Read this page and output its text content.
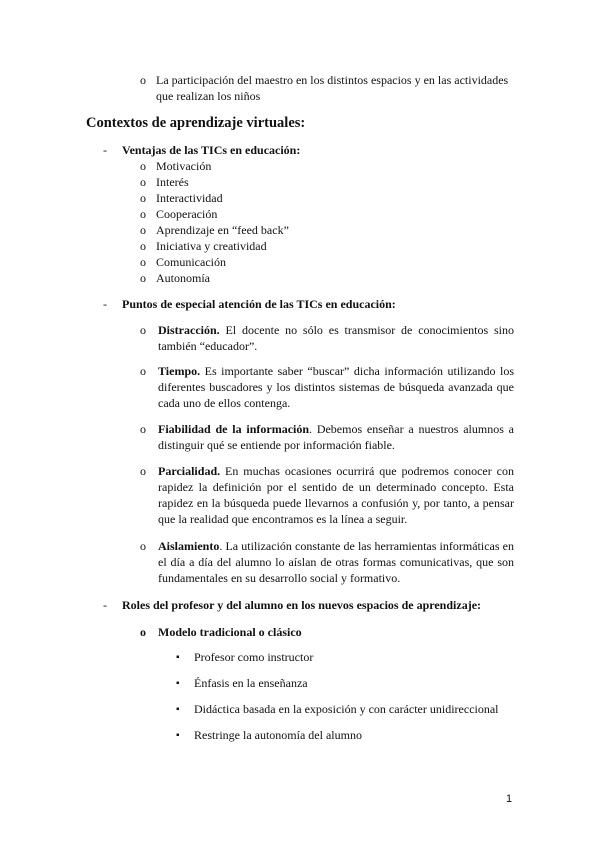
o La participación del maestro en los distintos espacios y en las actividades que realizan los niños
Contextos de aprendizaje virtuales:
- Ventajas de las TICs en educación:
o Motivación
o Interés
o Interactividad
o Cooperación
o Aprendizaje en “feed back”
o Iniciativa y creatividad
o Comunicación
o Autonomía
- Puntos de especial atención de las TICs en educación:
o	Distracción. El docente no sólo es transmisor de conocimientos sino también “educador”.
o	Tiempo. Es importante saber “buscar” dicha información utilizando los diferentes buscadores y los distintos sistemas de búsqueda avanzada que cada uno de ellos contenga.
o	Fiabilidad de la información. Debemos enseñar a nuestros alumnos a distinguir qué se entiende por información fiable.
o	Parcialidad. En muchas ocasiones ocurrirá que podremos conocer con rapidez la definición por el sentido de un determinado concepto. Esta rapidez en la búsqueda puede llevarnos a confusión y, por tanto, a pensar que la realidad que encontramos es la línea a seguir.
o	Aislamiento. La utilización constante de las herramientas informáticas en el día a día del alumno lo aíslan de otras formas comunicativas, que son fundamentales en su desarrollo social y formativo.
- Roles del profesor y del alumno en los nuevos espacios de aprendizaje:
o	Modelo tradicional o clásico
▪ Profesor como instructor
▪ Énfasis en la enseñanza
▪ Didáctica basada en la exposición y con carácter unidireccional
▪ Restringe la autonomía del alumno
1
